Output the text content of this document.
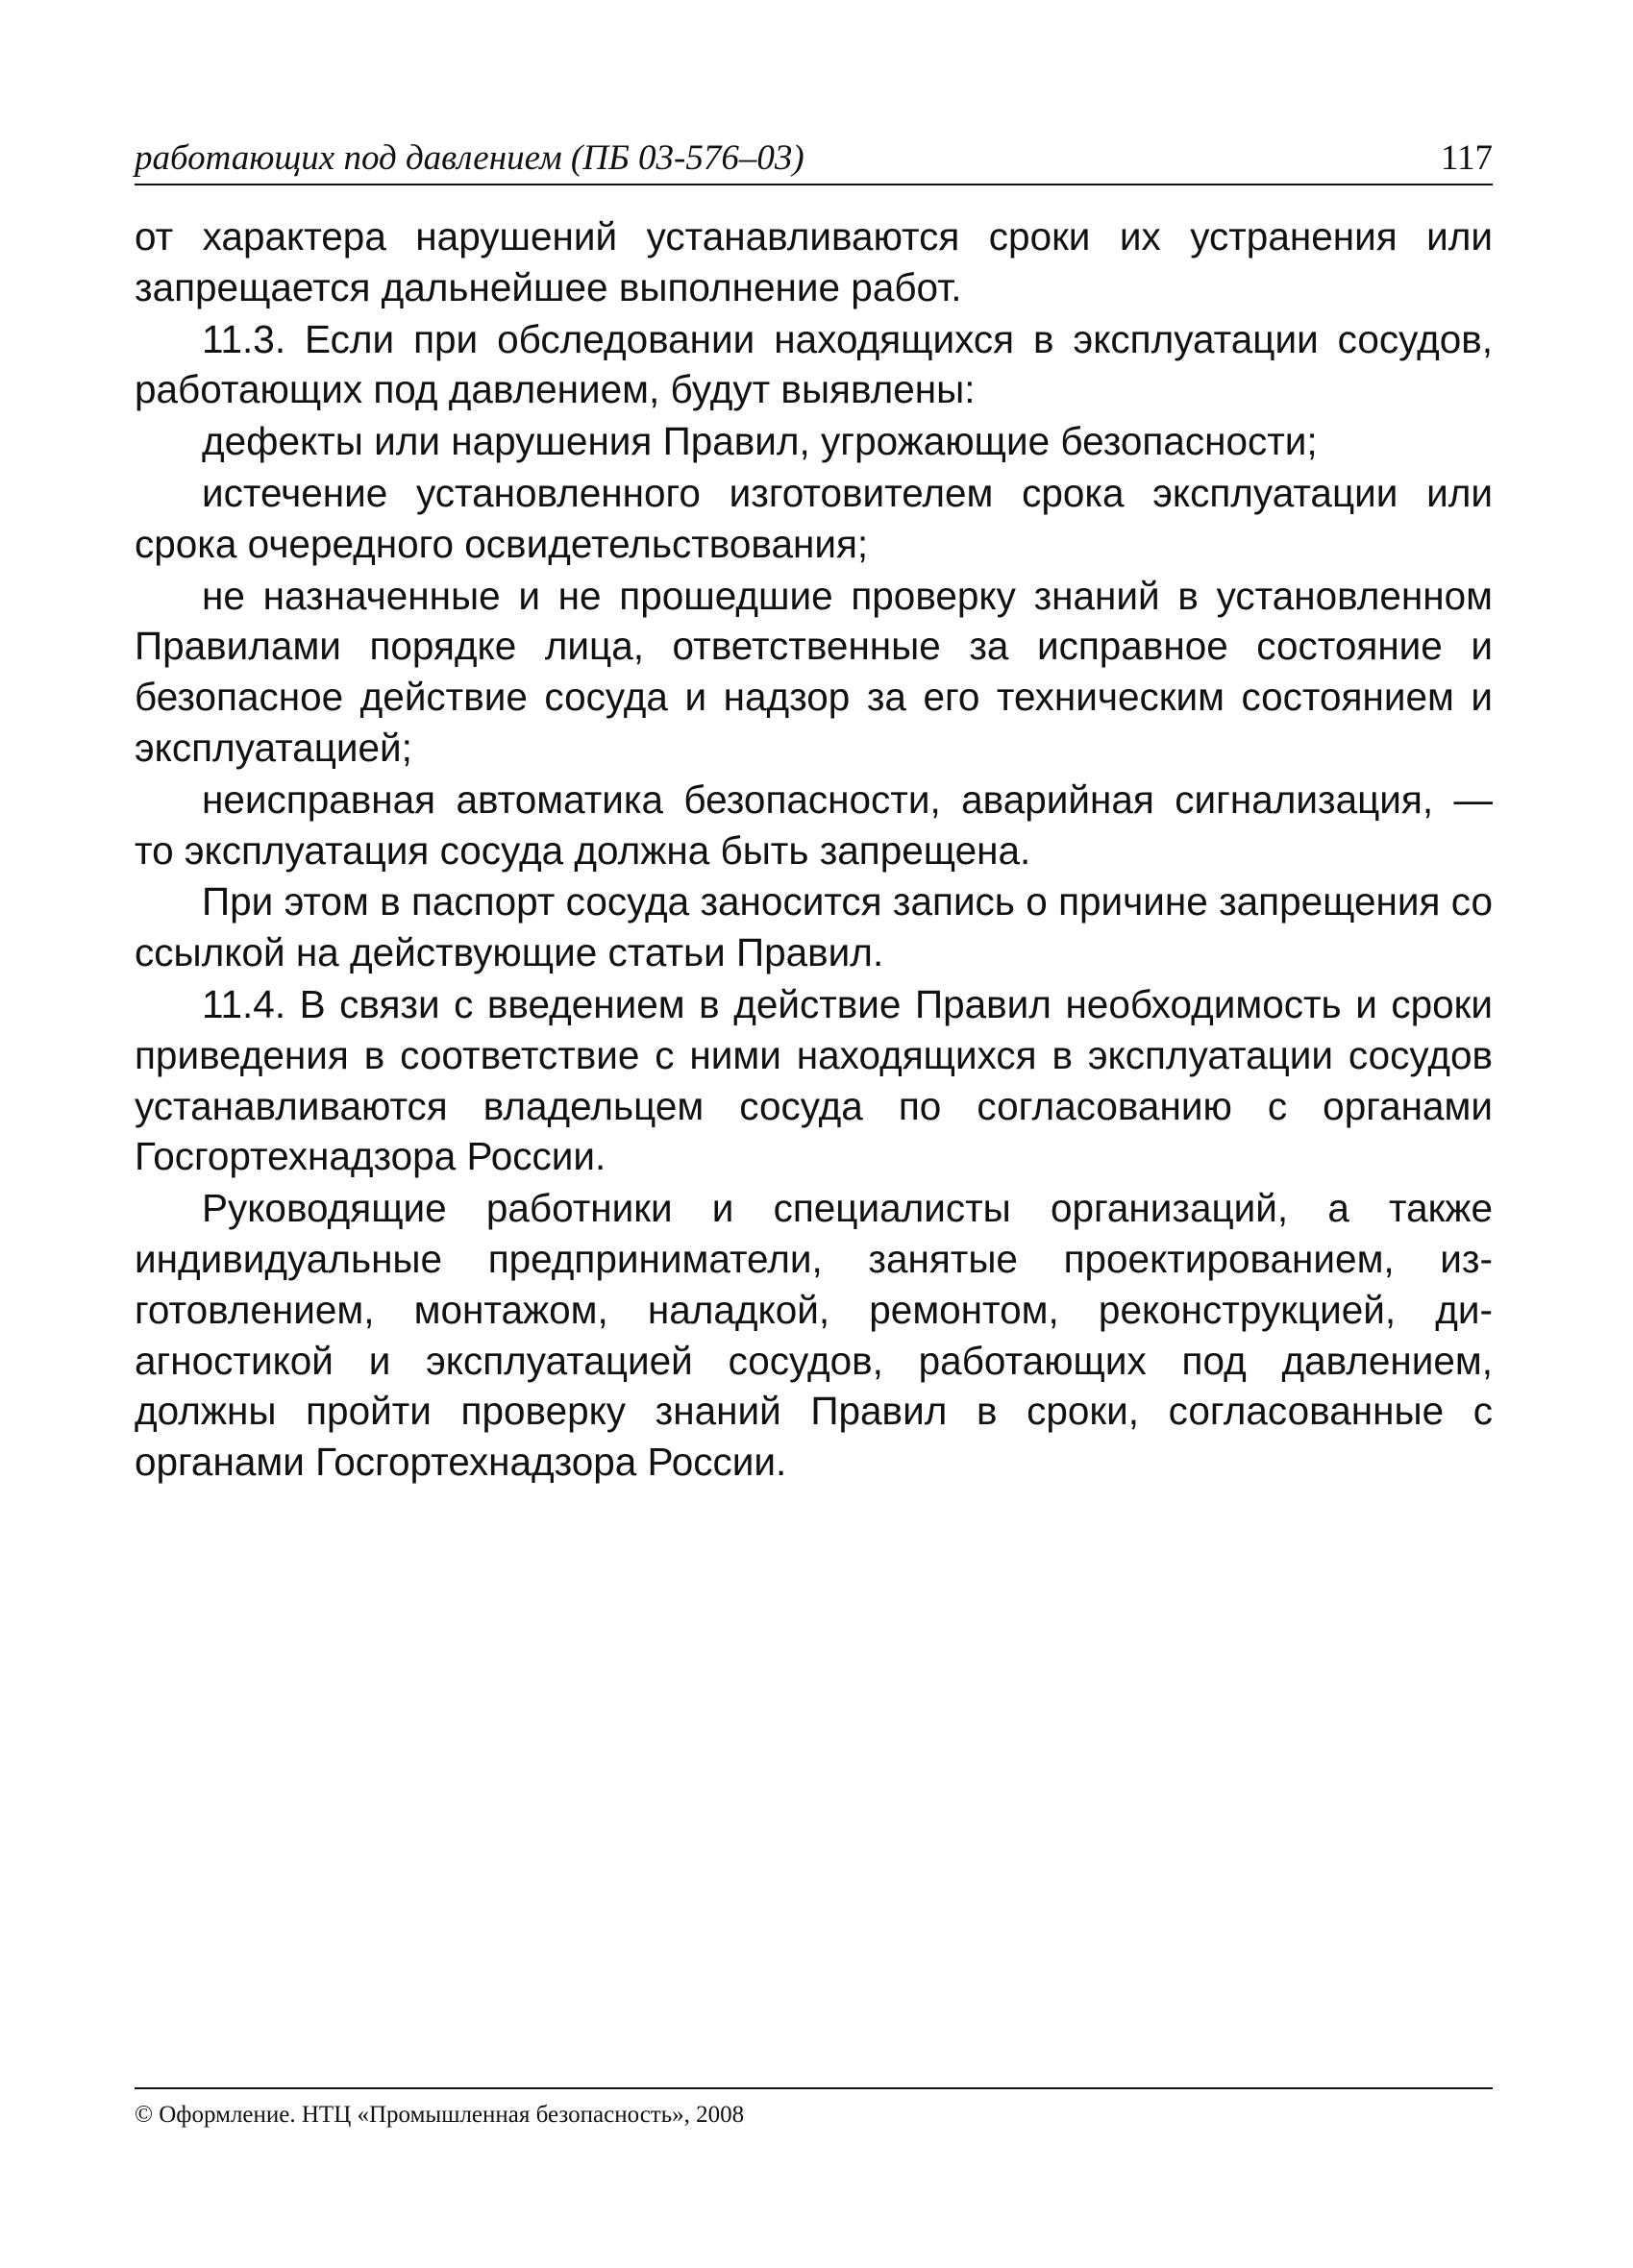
работающих под давлением (ПБ 03-576–03)	117

от характера нарушений устанавливаются сроки их устранения или запрещается дальнейшее выполнение работ.

11.3. Если при обследовании находящихся в эксплуатации сосудов, работающих под давлением, будут выявлены:

дефекты или нарушения Правил, угрожающие безопасности;

истечение установленного изготовителем срока эксплуатации или срока очередного освидетельствования;

не назначенные и не прошедшие проверку знаний в установленном Правилами порядке лица, ответственные за исправное состояние и безопасное действие сосуда и надзор за его техническим состоянием и эксплуатацией;

неисправная автоматика безопасности, аварийная сигнализация, — то эксплуатация сосуда должна быть запрещена.

При этом в паспорт сосуда заносится запись о причине запрещения со ссылкой на действующие статьи Правил.

11.4. В связи с введением в действие Правил необходимость и сроки приведения в соответствие с ними находящихся в эксплуатации сосудов устанавливаются владельцем сосуда по согласованию с органами Госгортехнадзора России.

Руководящие работники и специалисты организаций, а также индивидуальные предприниматели, занятые проектированием, изготовлением, монтажом, наладкой, ремонтом, реконструкцией, диагностикой и эксплуатацией сосудов, работающих под давлением, должны пройти проверку знаний Правил в сроки, согласованные с органами Госгортехнадзора России.

© Оформление. НТЦ «Промышленная безопасность», 2008
